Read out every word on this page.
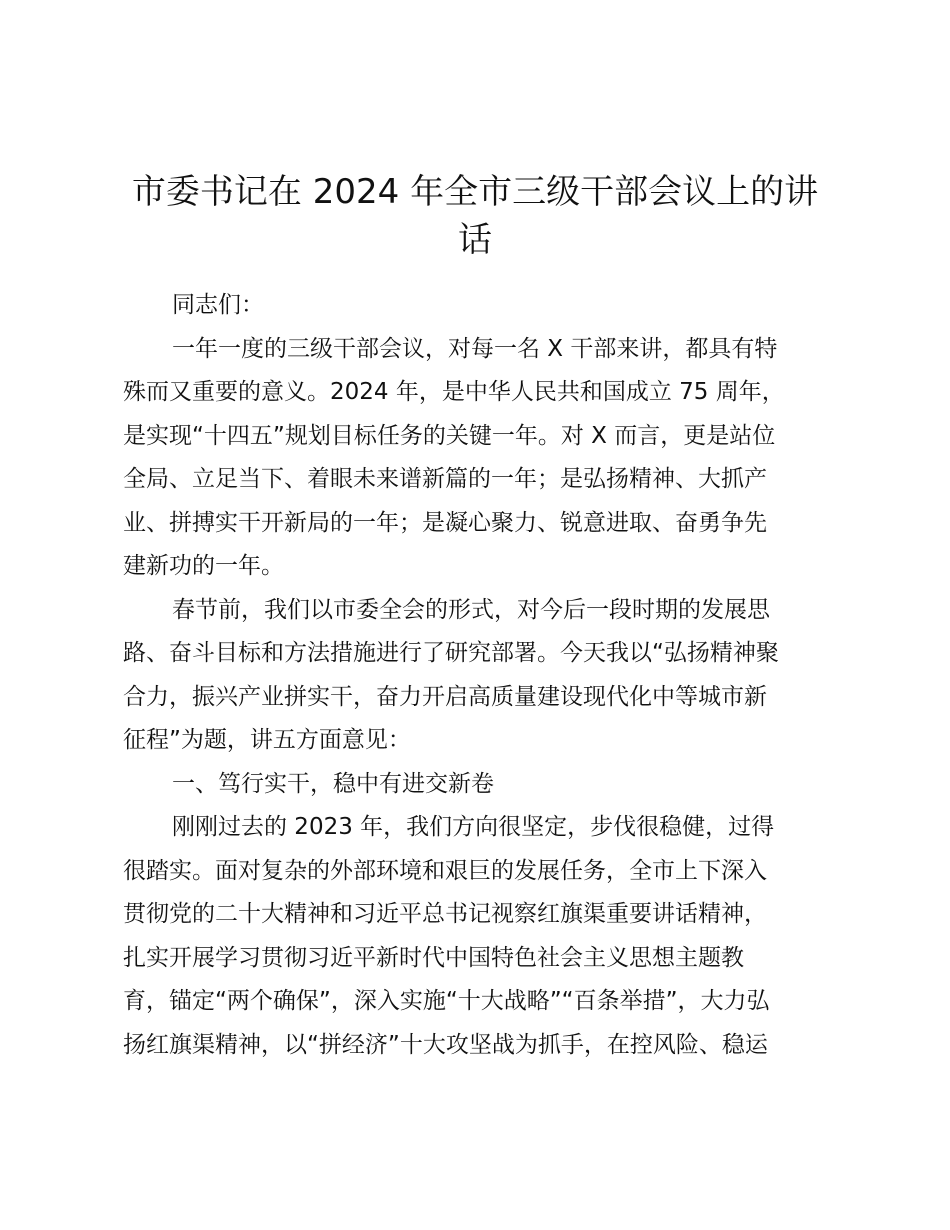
市委书记在 2024 年全市三级干部会议上的讲
话
同志们：
一年一度的三级干部会议，对每一名 X 干部来讲，都具有特
殊而又重要的意义。2024 年，是中华人民共和国成立 75 周年，
是实现“十四五”规划目标任务的关键一年。对 X 而言，更是站位
全局、立足当下、着眼未来谱新篇的一年；是弘扬精神、大抓产
业、拼搏实干开新局的一年；是凝心聚力、锐意进取、奋勇争先
建新功的一年。
春节前，我们以市委全会的形式，对今后一段时期的发展思
路、奋斗目标和方法措施进行了研究部署。今天我以“弘扬精神聚
合力，振兴产业拼实干，奋力开启高质量建设现代化中等城市新
征程”为题，讲五方面意见：
一、笃行实干，稳中有进交新卷
刚刚过去的 2023 年，我们方向很坚定，步伐很稳健，过得
很踏实。面对复杂的外部环境和艰巨的发展任务，全市上下深入
贯彻党的二十大精神和习近平总书记视察红旗渠重要讲话精神，
扎实开展学习贯彻习近平新时代中国特色社会主义思想主题教
育，锚定“两个确保”，深入实施“十大战略”“百条举措”，大力弘
扬红旗渠精神，以“拼经济”十大攻坚战为抓手，在控风险、稳运
